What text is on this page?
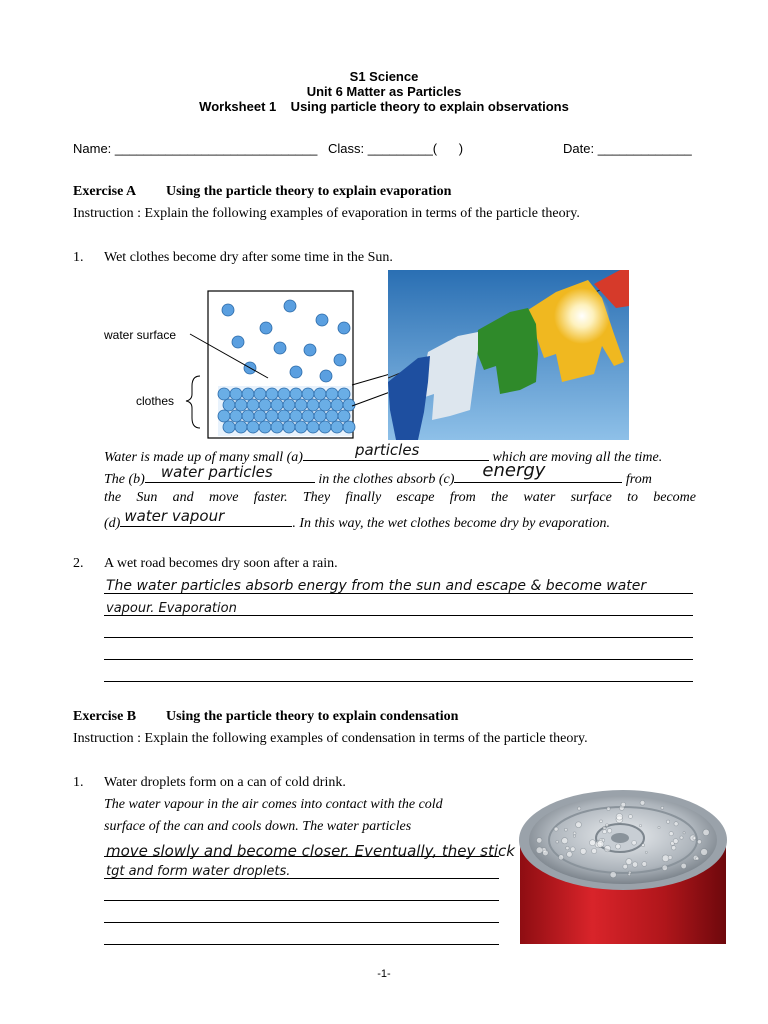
S1 Science
Unit 6 Matter as Particles
Worksheet 1    Using particle theory to explain observations
Name: ____________________________ Class: _________(      )	Date: _____________
Exercise A Using the particle theory to explain evaporation
Instruction : Explain the following examples of evaporation in terms of the particle theory.
1. Wet clothes become dry after some time in the Sun.
water surface
clothes
Water is made up of many small (a)	particles	which are moving all the time.
The (b) water particles	in the clothes absorb (c) energy	from
the Sun and move faster. They finally escape from the water surface to become
(d) water vapour	. In this way, the wet clothes become dry by evaporation.
2. A wet road becomes dry soon after a rain.
The water particles absorb energy from the sun and escape & become water
vapour. Evaporation
Exercise B Using the particle theory to explain condensation
Instruction : Explain the following examples of condensation in terms of the particle theory.
1. Water droplets form on a can of cold drink.
The water vapour in the air comes into contact with the cold
surface of the can and cools down. The water particles
move slowly and become closer. Eventually, they stick
tgt and form water droplets.
-1-
